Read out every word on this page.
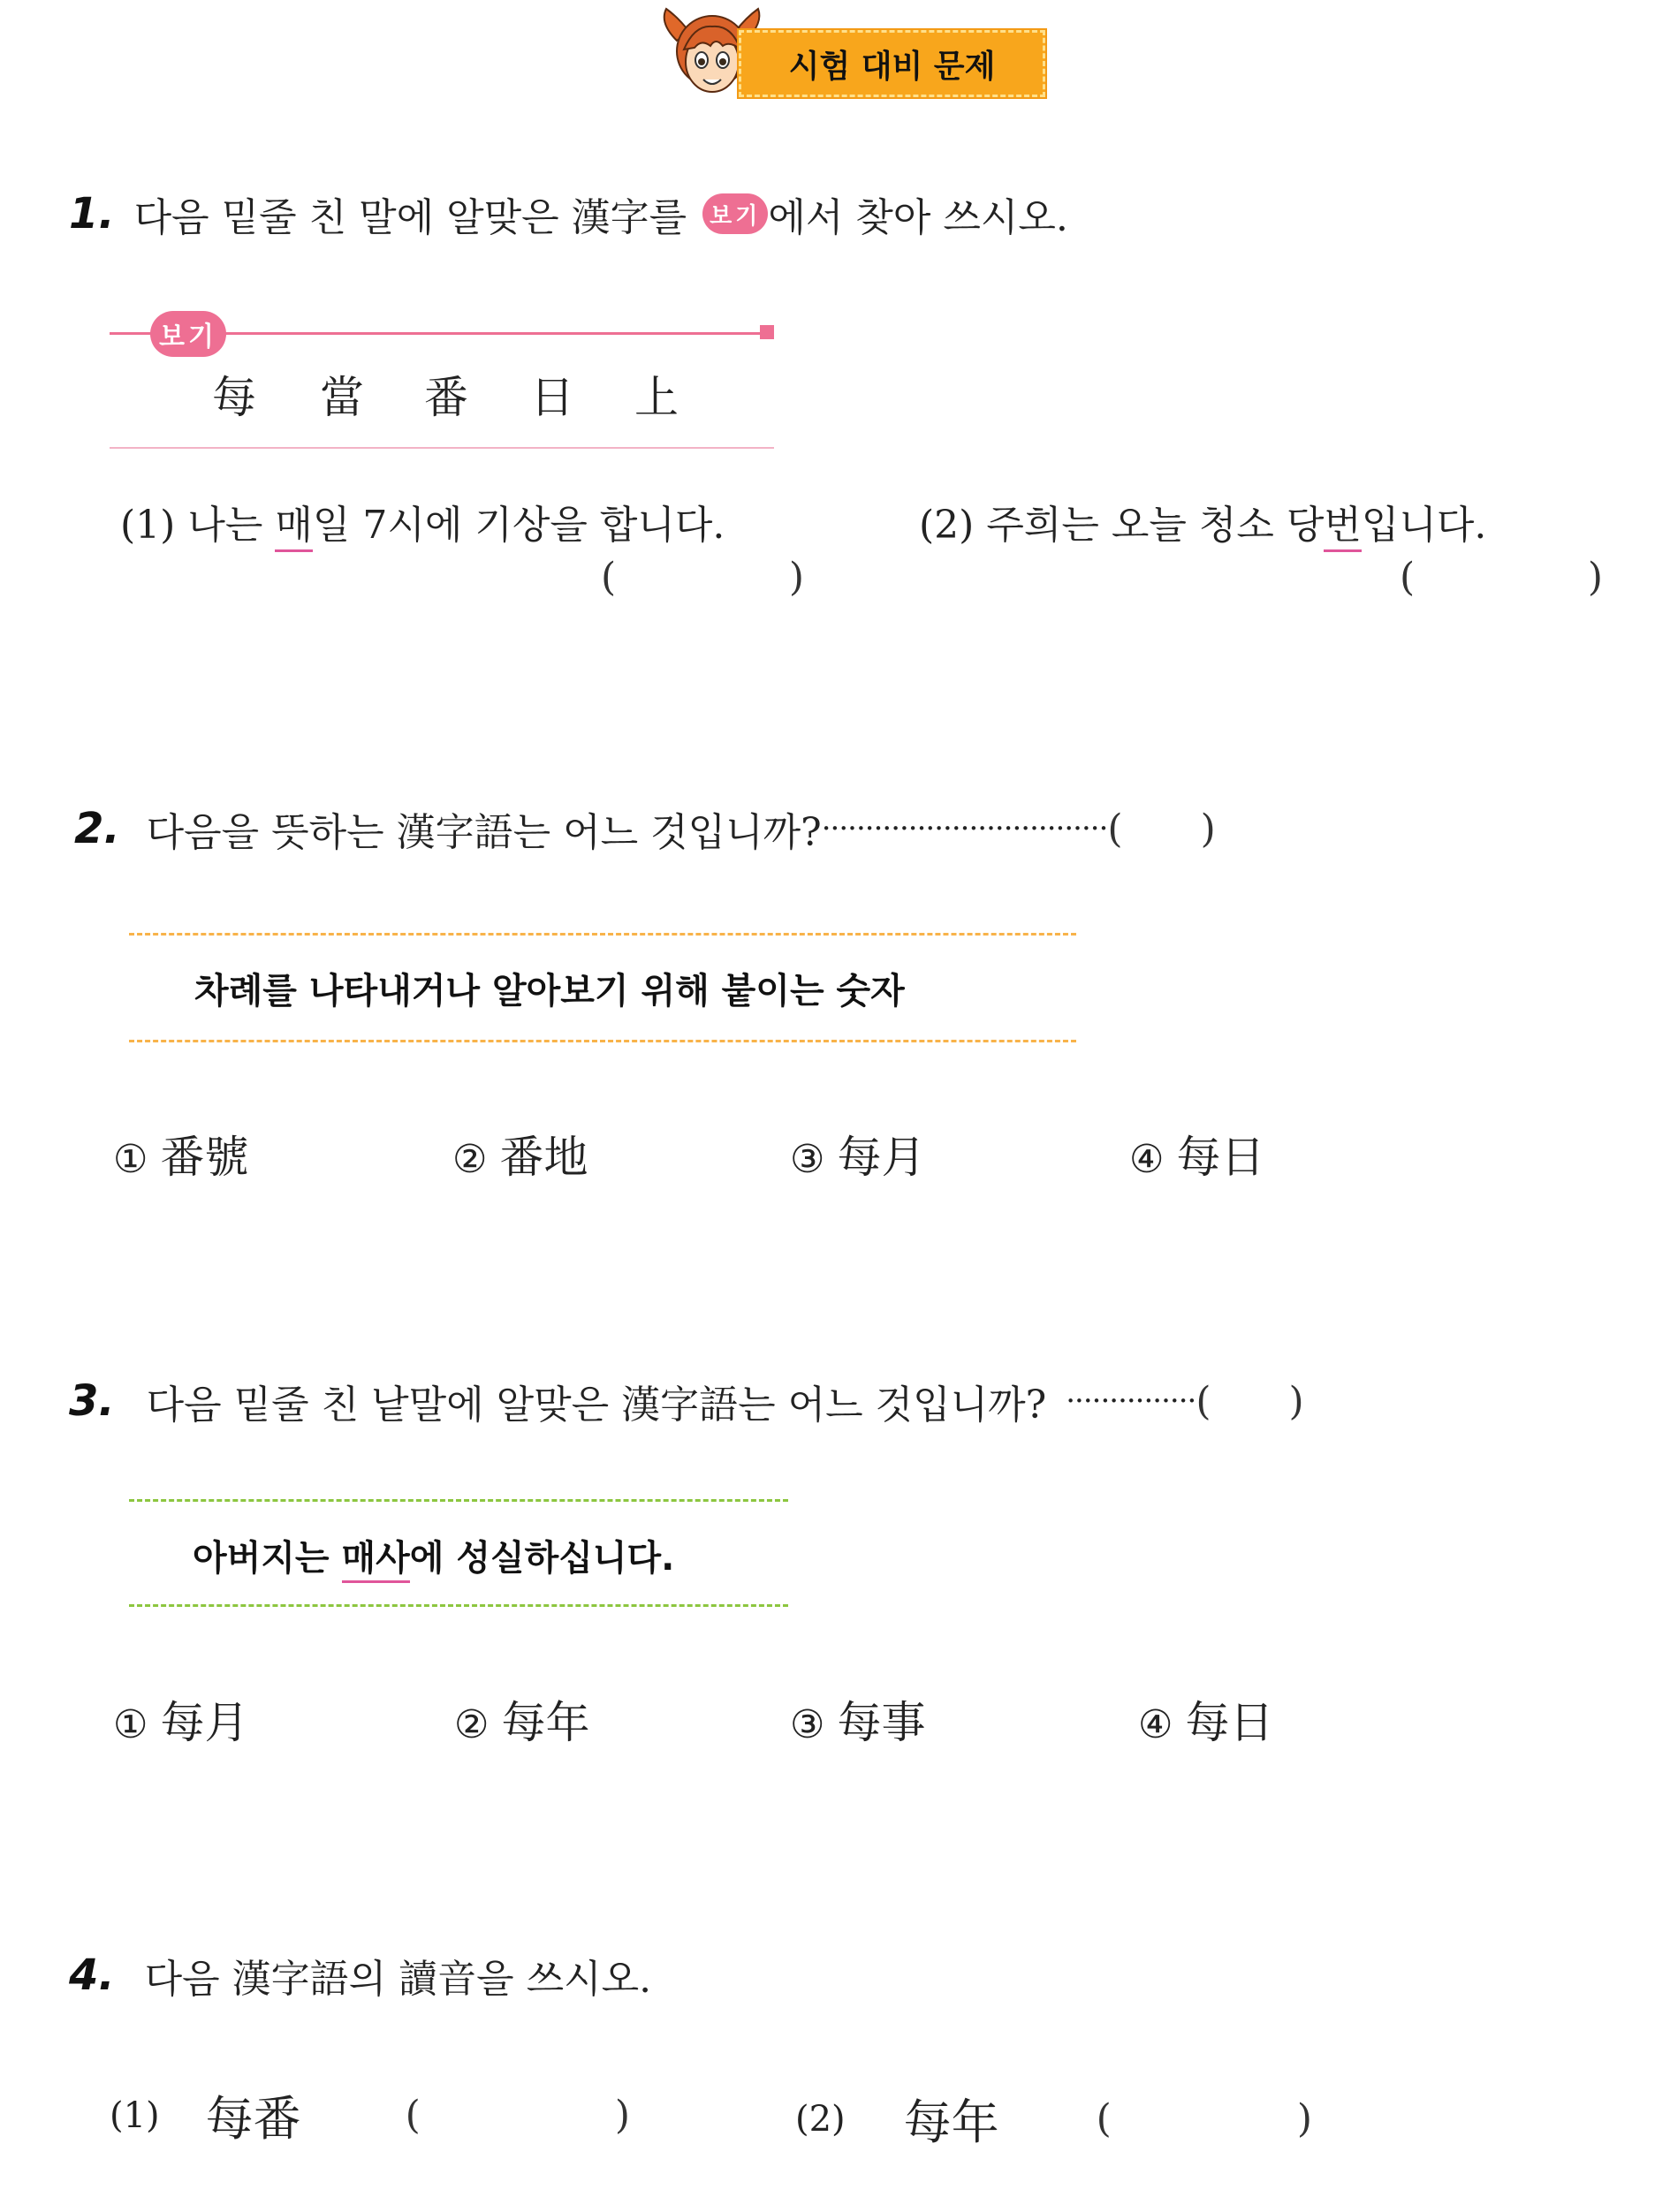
시험 대비 문제
1. 다음 밑줄 친 말에 알맞은 漢字를	보기 에서 찾아 쓰시오.
보기
每	當	番	日	上
(1) 나는 매일 7시에 기상을 합니다.
(	)
(2) 주희는 오늘 청소 당번입니다.
(	)
2. 다음을 뜻하는 漢字語는 어느 것입니까? ································· ( )
차례를 나타내거나 알아보기 위해 붙이는 숫자
① 番號	② 番地	③ 每月	④ 每日
3. 다음 밑줄 친 낱말에 알맞은 漢字語는 어느 것입니까? ··············· ( )
아버지는 매사에 성실하십니다.
① 每月	② 每年	③ 每事	④ 每日
4. 다음 漢字語의 讀音을 쓰시오.
(1) 每番	(	)	(2) 每年	(	)
